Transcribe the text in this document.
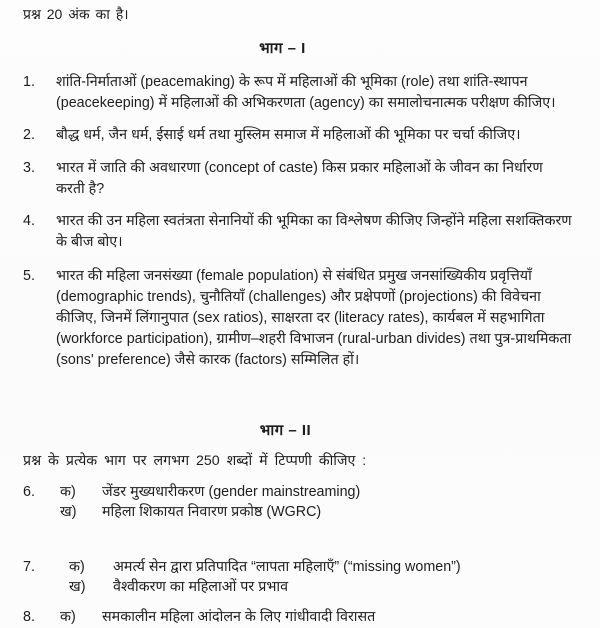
प्रश्न 20 अंक का है।

भाग – I
1.	शांति-निर्माताओं (peacemaking) के रूप में महिलाओं की भूमिका (role) तथा शांति-स्थापन (peacekeeping) में महिलाओं की अभिकरणता (agency) का समालोचनात्मक परीक्षण कीजिए।
2.	बौद्ध धर्म, जैन धर्म, ईसाई धर्म तथा मुस्लिम समाज में महिलाओं की भूमिका पर चर्चा कीजिए।
3.	भारत में जाति की अवधारणा (concept of caste) किस प्रकार महिलाओं के जीवन का निर्धारण करती है?
4.	भारत की उन महिला स्वतंत्रता सेनानियों की भूमिका का विश्लेषण कीजिए जिन्होंने महिला सशक्तिकरण के बीज बोए।
5.	भारत की महिला जनसंख्या (female population) से संबंधित प्रमुख जनसांख्यिकीय प्रवृत्तियाँ (demographic trends), चुनौतियाँ (challenges) और प्रक्षेपणों (projections) की विवेचना कीजिए, जिनमें लिंगानुपात (sex ratios), साक्षरता दर (literacy rates), कार्यबल में सहभागिता (workforce participation), ग्रामीण–शहरी विभाजन (rural-urban divides) तथा पुत्र-प्राथमिकता (sons' preference) जैसे कारक (factors) सम्मिलित हों।
भाग – II

प्रश्न के प्रत्येक भाग पर लगभग 250 शब्दों में टिप्पणी कीजिए :

6.	क)	जेंडर मुख्यधारीकरण (gender mainstreaming)
ख)	महिला शिकायत निवारण प्रकोष्ठ (WGRC)
7.	क)	अमर्त्य सेन द्वारा प्रतिपादित “लापता महिलाएँ” (“missing women”)
ख)	वैश्वीकरण का महिलाओं पर प्रभाव
8.	क)	समकालीन महिला आंदोलन के लिए गांधीवादी विरासत
